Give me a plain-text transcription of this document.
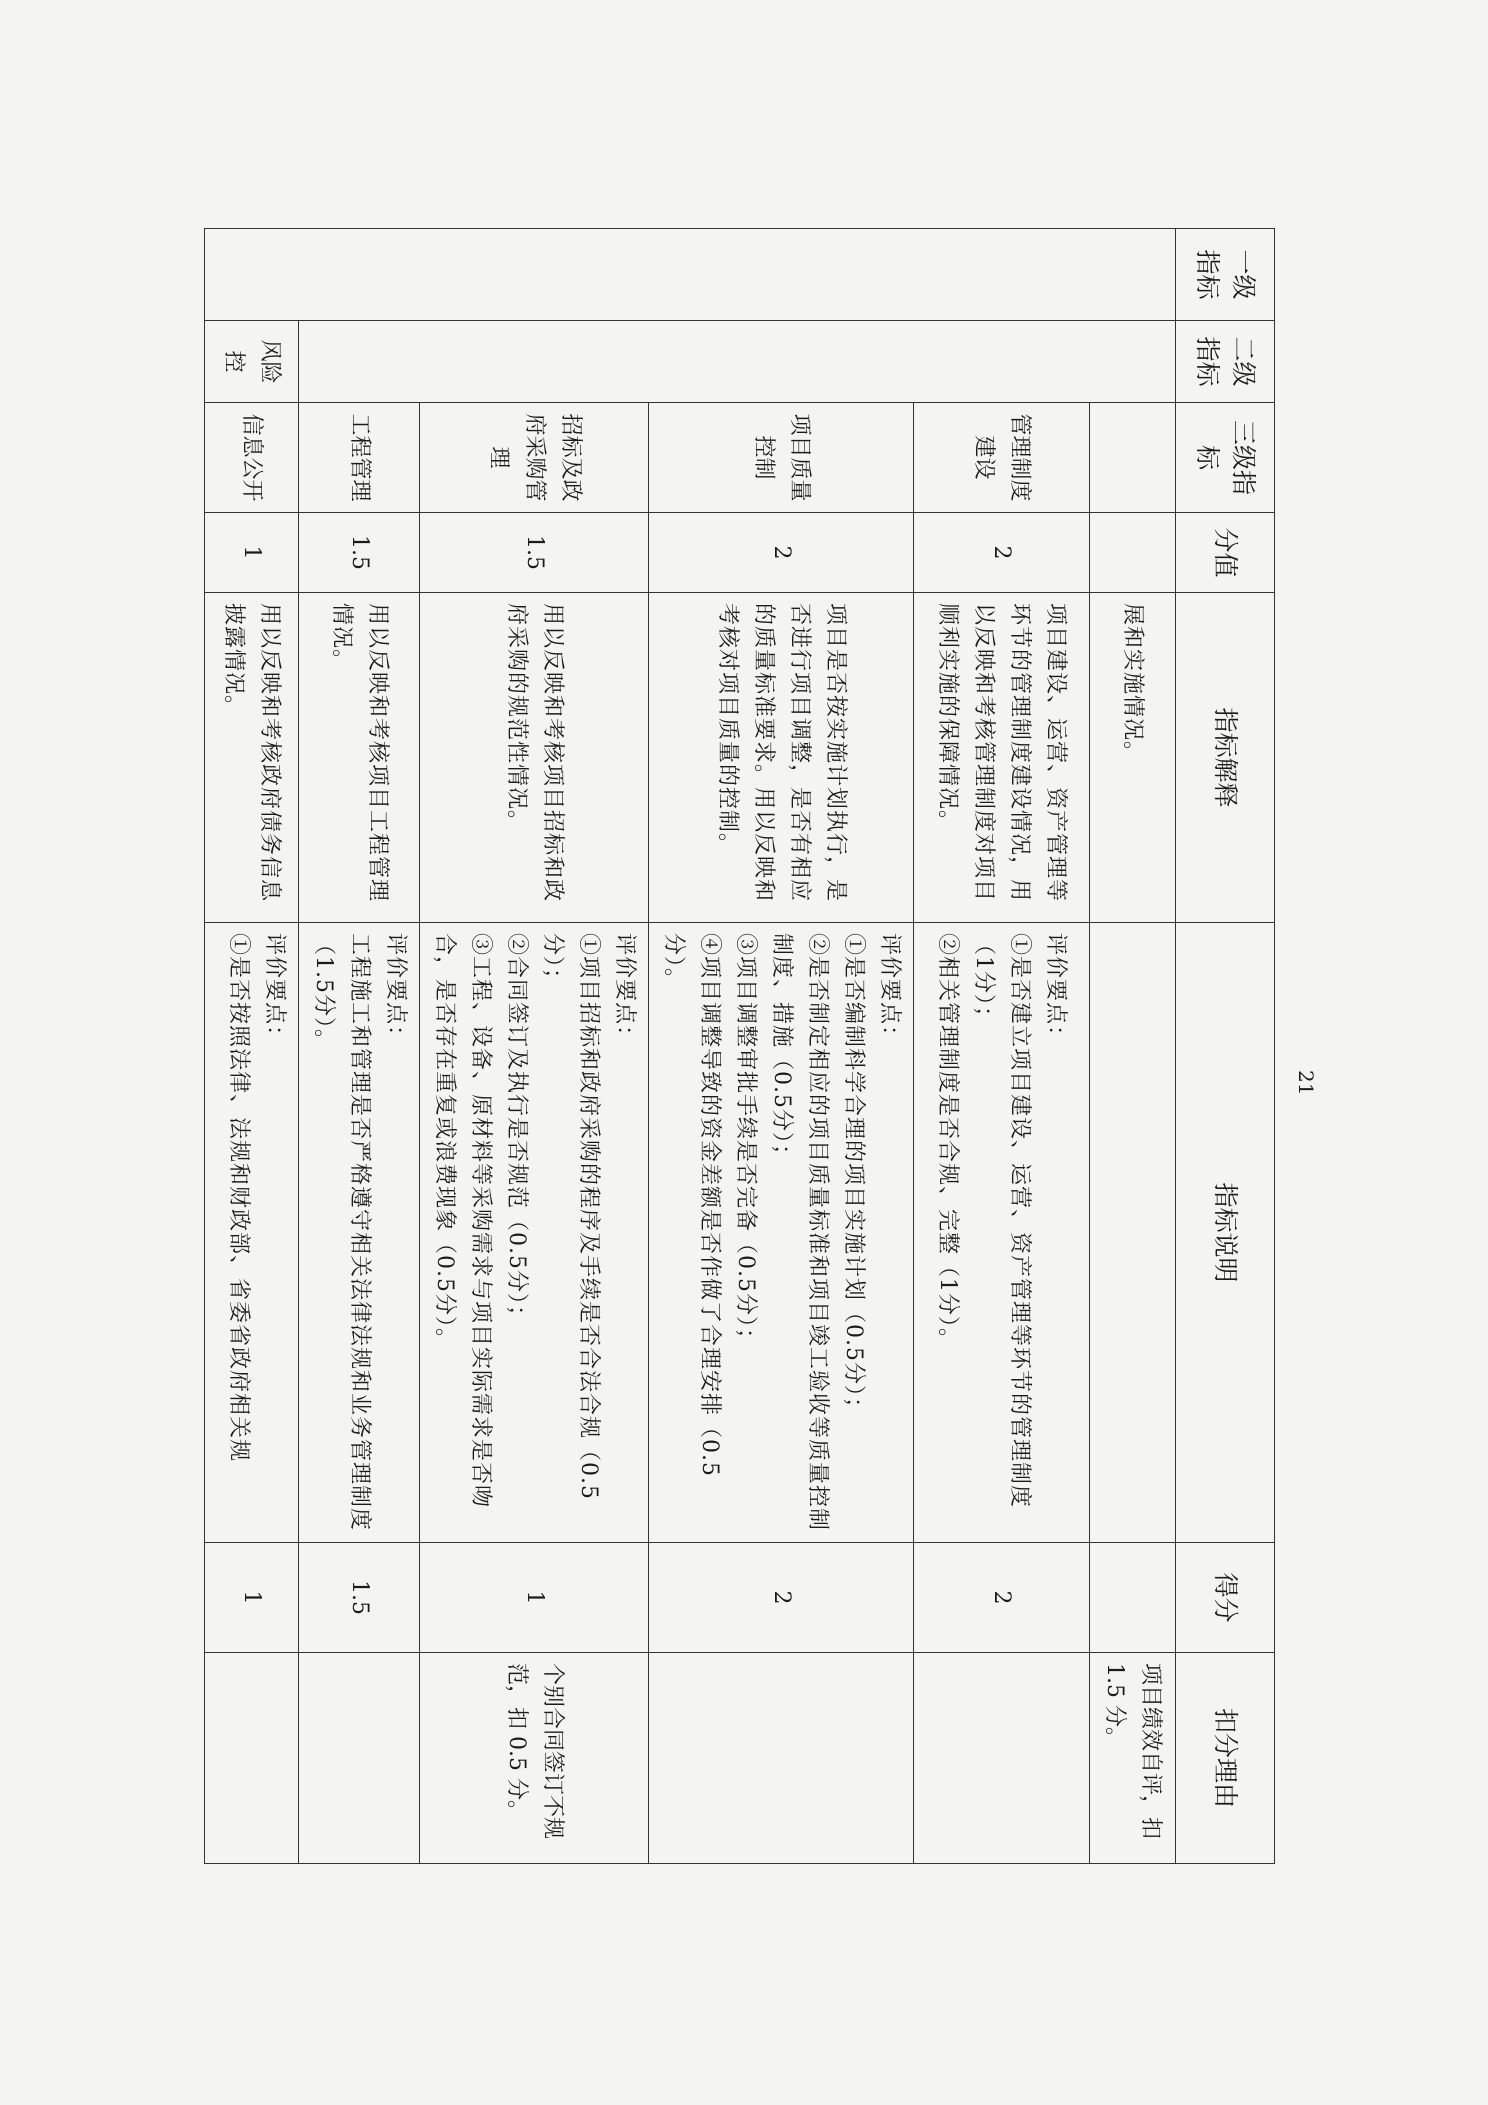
一级指标	二级指标	三级指标	分值	指标解释	指标说明	得分	扣分理由
				展和实施情况。			项目绩效自评，扣 1.5 分。
		管理制度建设	2	项目建设、运营、资产管理等环节的管理制度建设情况，用以反映和考核管理制度对项目顺利实施的保障情况。	评价要点：
①是否建立项目建设、运营、资产管理等环节的管理制度（1分）；
②相关管理制度是否合规、完整（1分）。	2	
		项目质量控制	2	项目是否按实施计划执行，是否进行项目调整，是否有相应的质量标准要求。用以反映和考核对项目质量的控制。	评价要点：
①是否编制科学合理的项目实施计划（0.5分）；
②是否制定相应的项目质量标准和项目竣工验收等质量控制制度、措施（0.5分）；
③项目调整审批手续是否完备（0.5分）；
④项目调整导致的资金差额是否作做了合理安排（0.5分）。	2	
		招标及政府采购管理	1.5	用以反映和考核项目招标和政府采购的规范性情况。	评价要点：
①项目招标和政府采购的程序及手续是否合法合规（0.5分）；
②合同签订及执行是否规范（0.5分）；
③工程、设备、原材料等采购需求与项目实际需求是否吻合，是否存在重复或浪费现象（0.5分）。	1	个别合同签订不规范，扣 0.5 分。
		工程管理	1.5	用以反映和考核项目工程管理情况。	评价要点：
工程施工和管理是否严格遵守相关法律法规和业务管理制度（1.5分）。	1.5	
	风险控	信息公开	1	用以反映和考核政府债务信息披露情况。	评价要点：
①是否按照法律、法规和财政部、省委省政府相关规	1	
21
